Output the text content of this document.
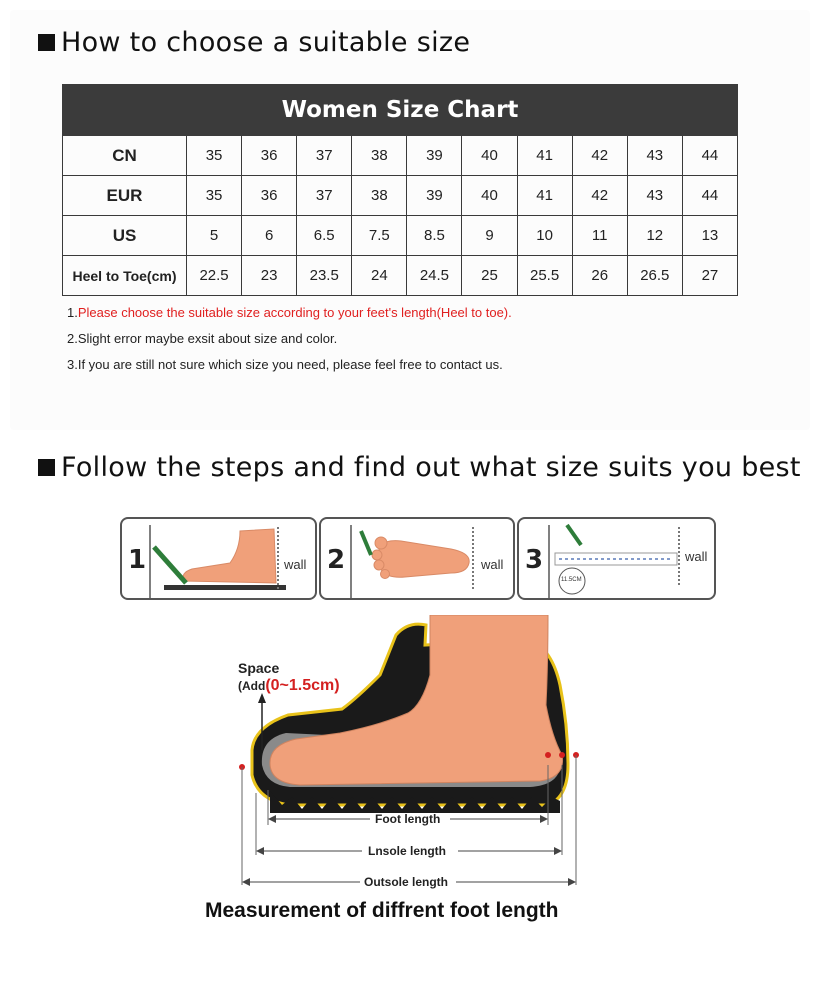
How to choose a suitable size
Women Size Chart										
CN	35	36	37	38	39	40	41	42	43	44
EUR	35	36	37	38	39	40	41	42	43	44
US	5	6	6.5	7.5	8.5	9	10	11	12	13
Heel to Toe(cm)	22.5	23	23.5	24	24.5	25	25.5	26	26.5	27
1.Please choose the suitable size according to your feet's length(Heel to toe).
2.Slight error maybe exsit about size and color.
3.If you are still not sure which size you need, please feel free to contact us.
Follow the steps and find out what size suits you best
1	wall 2	wall 3
11.5CM
wall
Space
(Add(0~1.5cm)
Foot length
Lnsole length
Outsole length
Measurement of diffrent foot length
